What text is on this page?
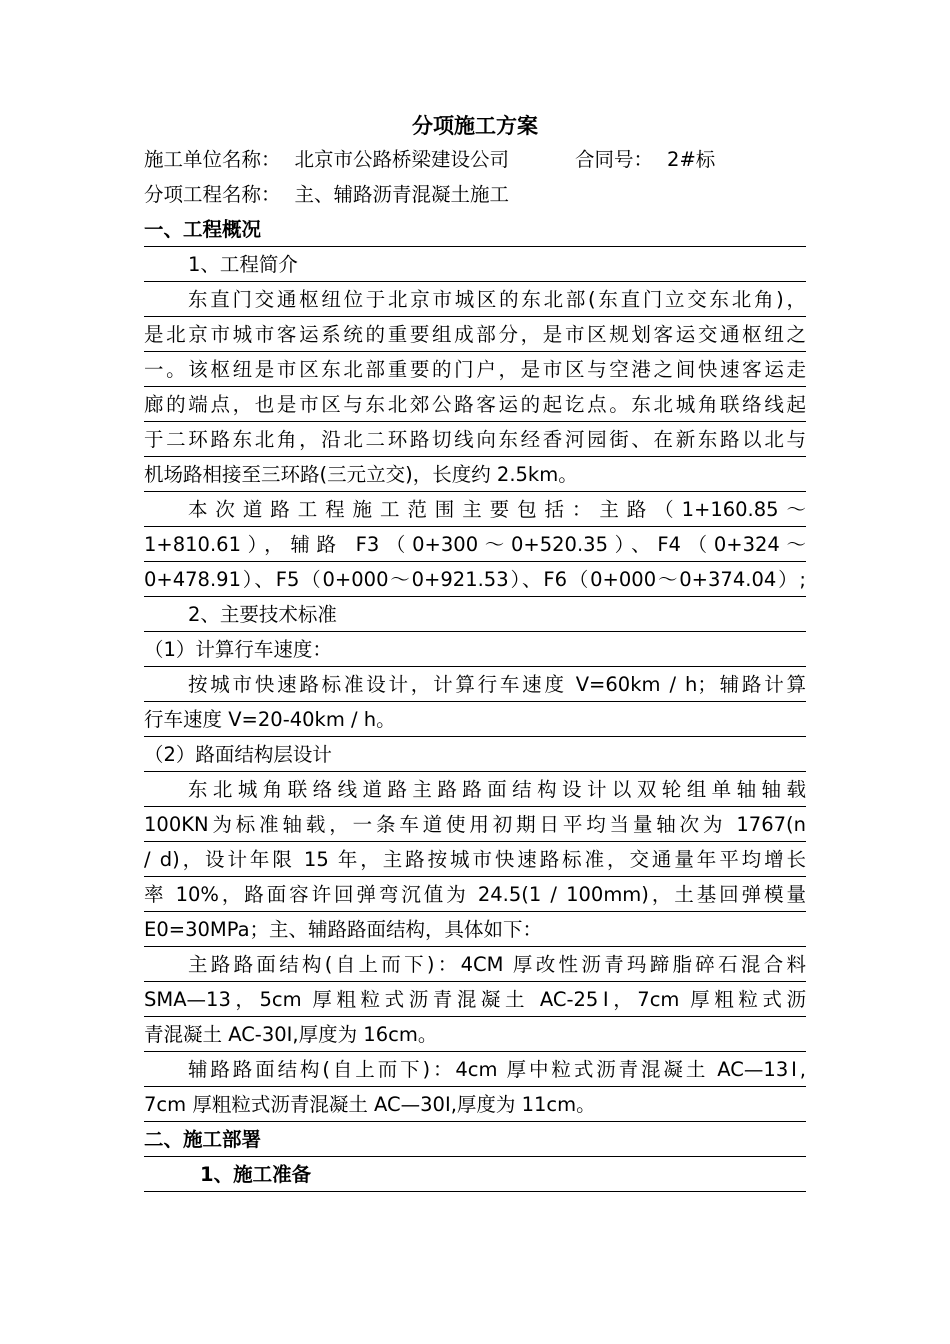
分项施工方案
施工单位名称： 北京市公路桥梁建设公司	合同号： 2#标
分项工程名称： 主、辅路沥青混凝土施工
一、工程概况
1、工程简介
东直门交通枢纽位于北京市城区的东北部(东直门立交东北角)，
是北京市城市客运系统的重要组成部分，是市区规划客运交通枢纽之
一。该枢纽是市区东北部重要的门户，是市区与空港之间快速客运走
廊的端点，也是市区与东北郊公路客运的起讫点。东北城角联络线起
于二环路东北角，沿北二环路切线向东经香河园街、在新东路以北与
机场路相接至三环路(三元立交)，长度约 2.5km。
本次道路工程施工范围主要包括：主路（1+160.85～
1+810.61），辅路 F3（0+300～0+520.35）、F4（0+324～
0+478.91）、F5（0+000～0+921.53）、F6（0+000～0+374.04）;
2、主要技术标准
（1）计算行车速度：
按城市快速路标准设计，计算行车速度 V=60km / h；辅路计算
行车速度 V=20-40km / h。
（2）路面结构层设计
东北城角联络线道路主路路面结构设计以双轮组单轴轴载
100KN为标准轴载，一条车道使用初期日平均当量轴次为 1767(n
/ d)，设计年限 15 年，主路按城市快速路标准，交通量年平均增长
率 10%，路面容许回弹弯沉值为 24.5(1 / 100mm)，土基回弹模量
E0=30MPa；主、辅路路面结构，具体如下：
主路路面结构(自上而下)：4CM 厚改性沥青玛蹄脂碎石混合料
SMA—13，5cm 厚粗粒式沥青混凝土 AC-25Ⅰ，7cm 厚粗粒式沥
青混凝土 AC-30Ⅰ,厚度为 16cm。
辅路路面结构(自上而下)：4cm 厚中粒式沥青混凝土 AC—13Ⅰ,
7cm 厚粗粒式沥青混凝土 AC—30Ⅰ,厚度为 11cm。
二、施工部署
1、施工准备
